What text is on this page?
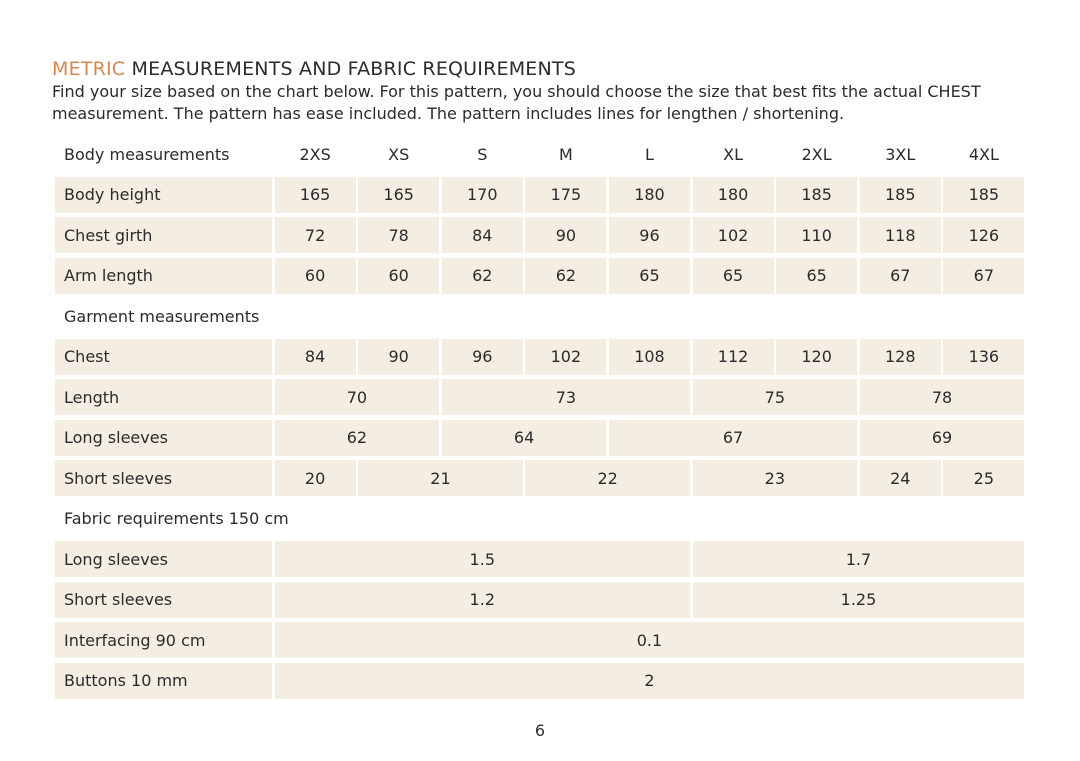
METRIC MEASUREMENTS AND FABRIC REQUIREMENTS
Find your size based on the chart below. For this pattern, you should choose the size that best fits the actual CHEST measurement. The pattern has ease included. The pattern includes lines for lengthen / shortening.
Body measurements	2XS	XS	S	M	L	XL	2XL	3XL	4XL
Body height	165	165	170	175	180	180	185	185	185
Chest girth	72	78	84	90	96	102	110	118	126
Arm length	60	60	62	62	65	65	65	67	67
Garment measurements
Chest	84	90	96	102	108	112	120	128	136
Length	70	73	75	78
Long sleeves	62	64	67	69
Short sleeves	20	21	22	23	24	25
Fabric requirements 150 cm
Long sleeves	1.5	1.7
Short sleeves	1.2	1.25
Interfacing 90 cm	0.1
Buttons 10 mm	2
6
